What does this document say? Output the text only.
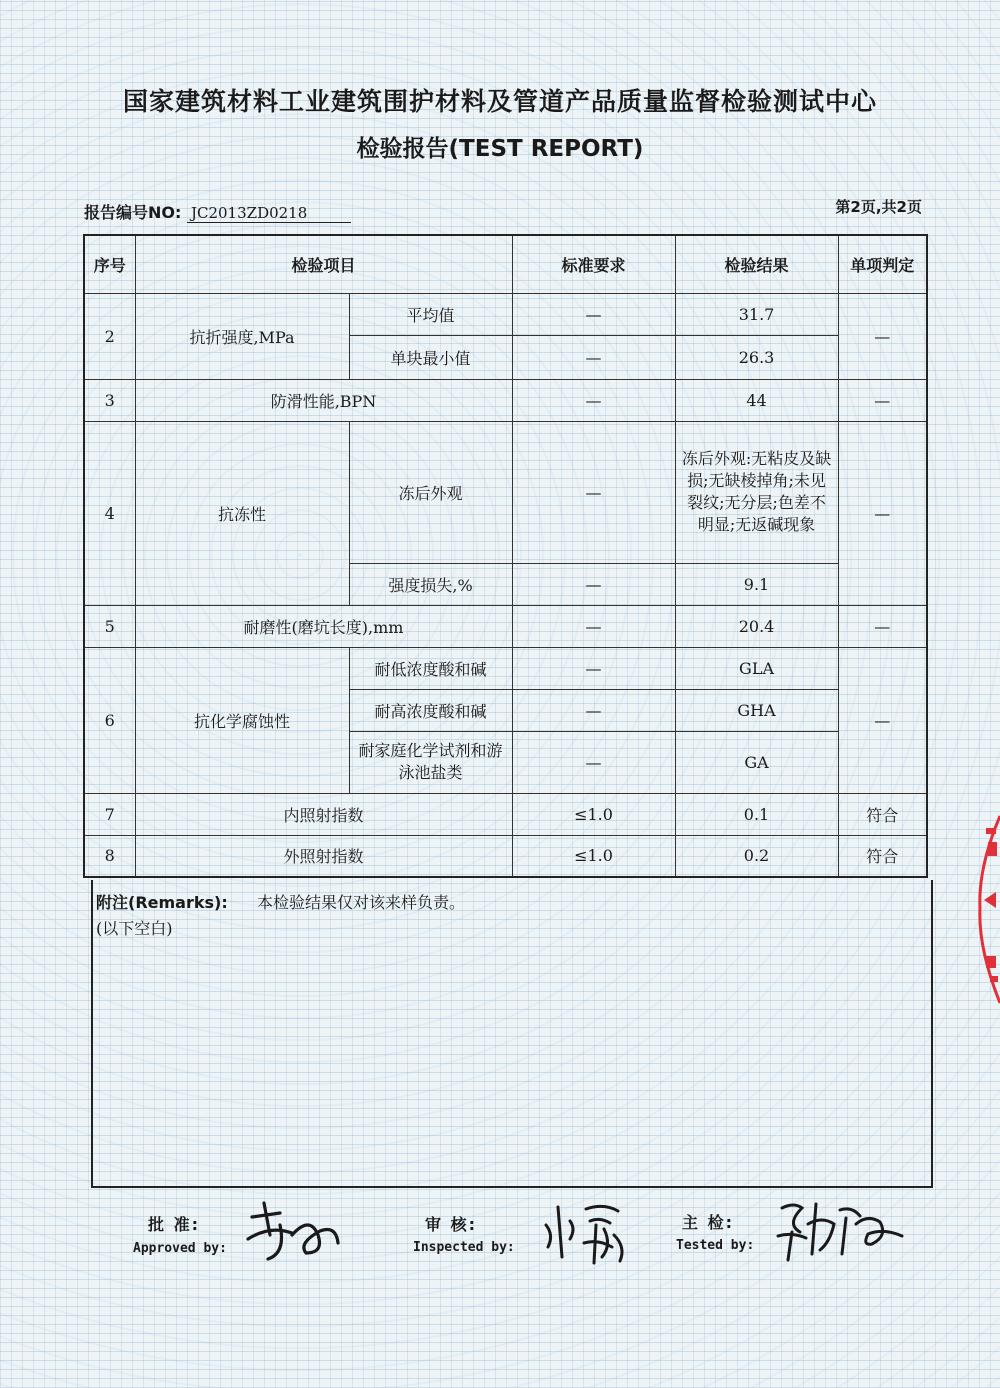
国家建筑材料工业建筑围护材料及管道产品质量监督检验测试中心
检验报告(TEST REPORT)
报告编号NO: JC2013ZD0218	第2页,共2页
序号	检验项目		标准要求	检验结果	单项判定
2	抗折强度,MPa	平均值	—	31.7	—
		单块最小值	—	26.3	
3	防滑性能,BPN		—	44	—
4	抗冻性	冻后外观	—	冻后外观:无粘皮及缺损;无缺棱掉角;未见裂纹;无分层;色差不明显;无返碱现象	—
		强度损失,%	—	9.1	
5	耐磨性(磨坑长度),mm		—	20.4	—
6	抗化学腐蚀性	耐低浓度酸和碱	—	GLA	—
		耐高浓度酸和碱	—	GHA	
		耐家庭化学试剂和游泳池盐类	—	GA	
7	内照射指数		≤1.0	0.1	符合
8	外照射指数		≤1.0	0.2	符合
附注(Remarks): 本检验结果仅对该来样负责。
(以下空白)
批 准:
Approved by:
审 核:
Inspected by:
主 检:
Tested by:
